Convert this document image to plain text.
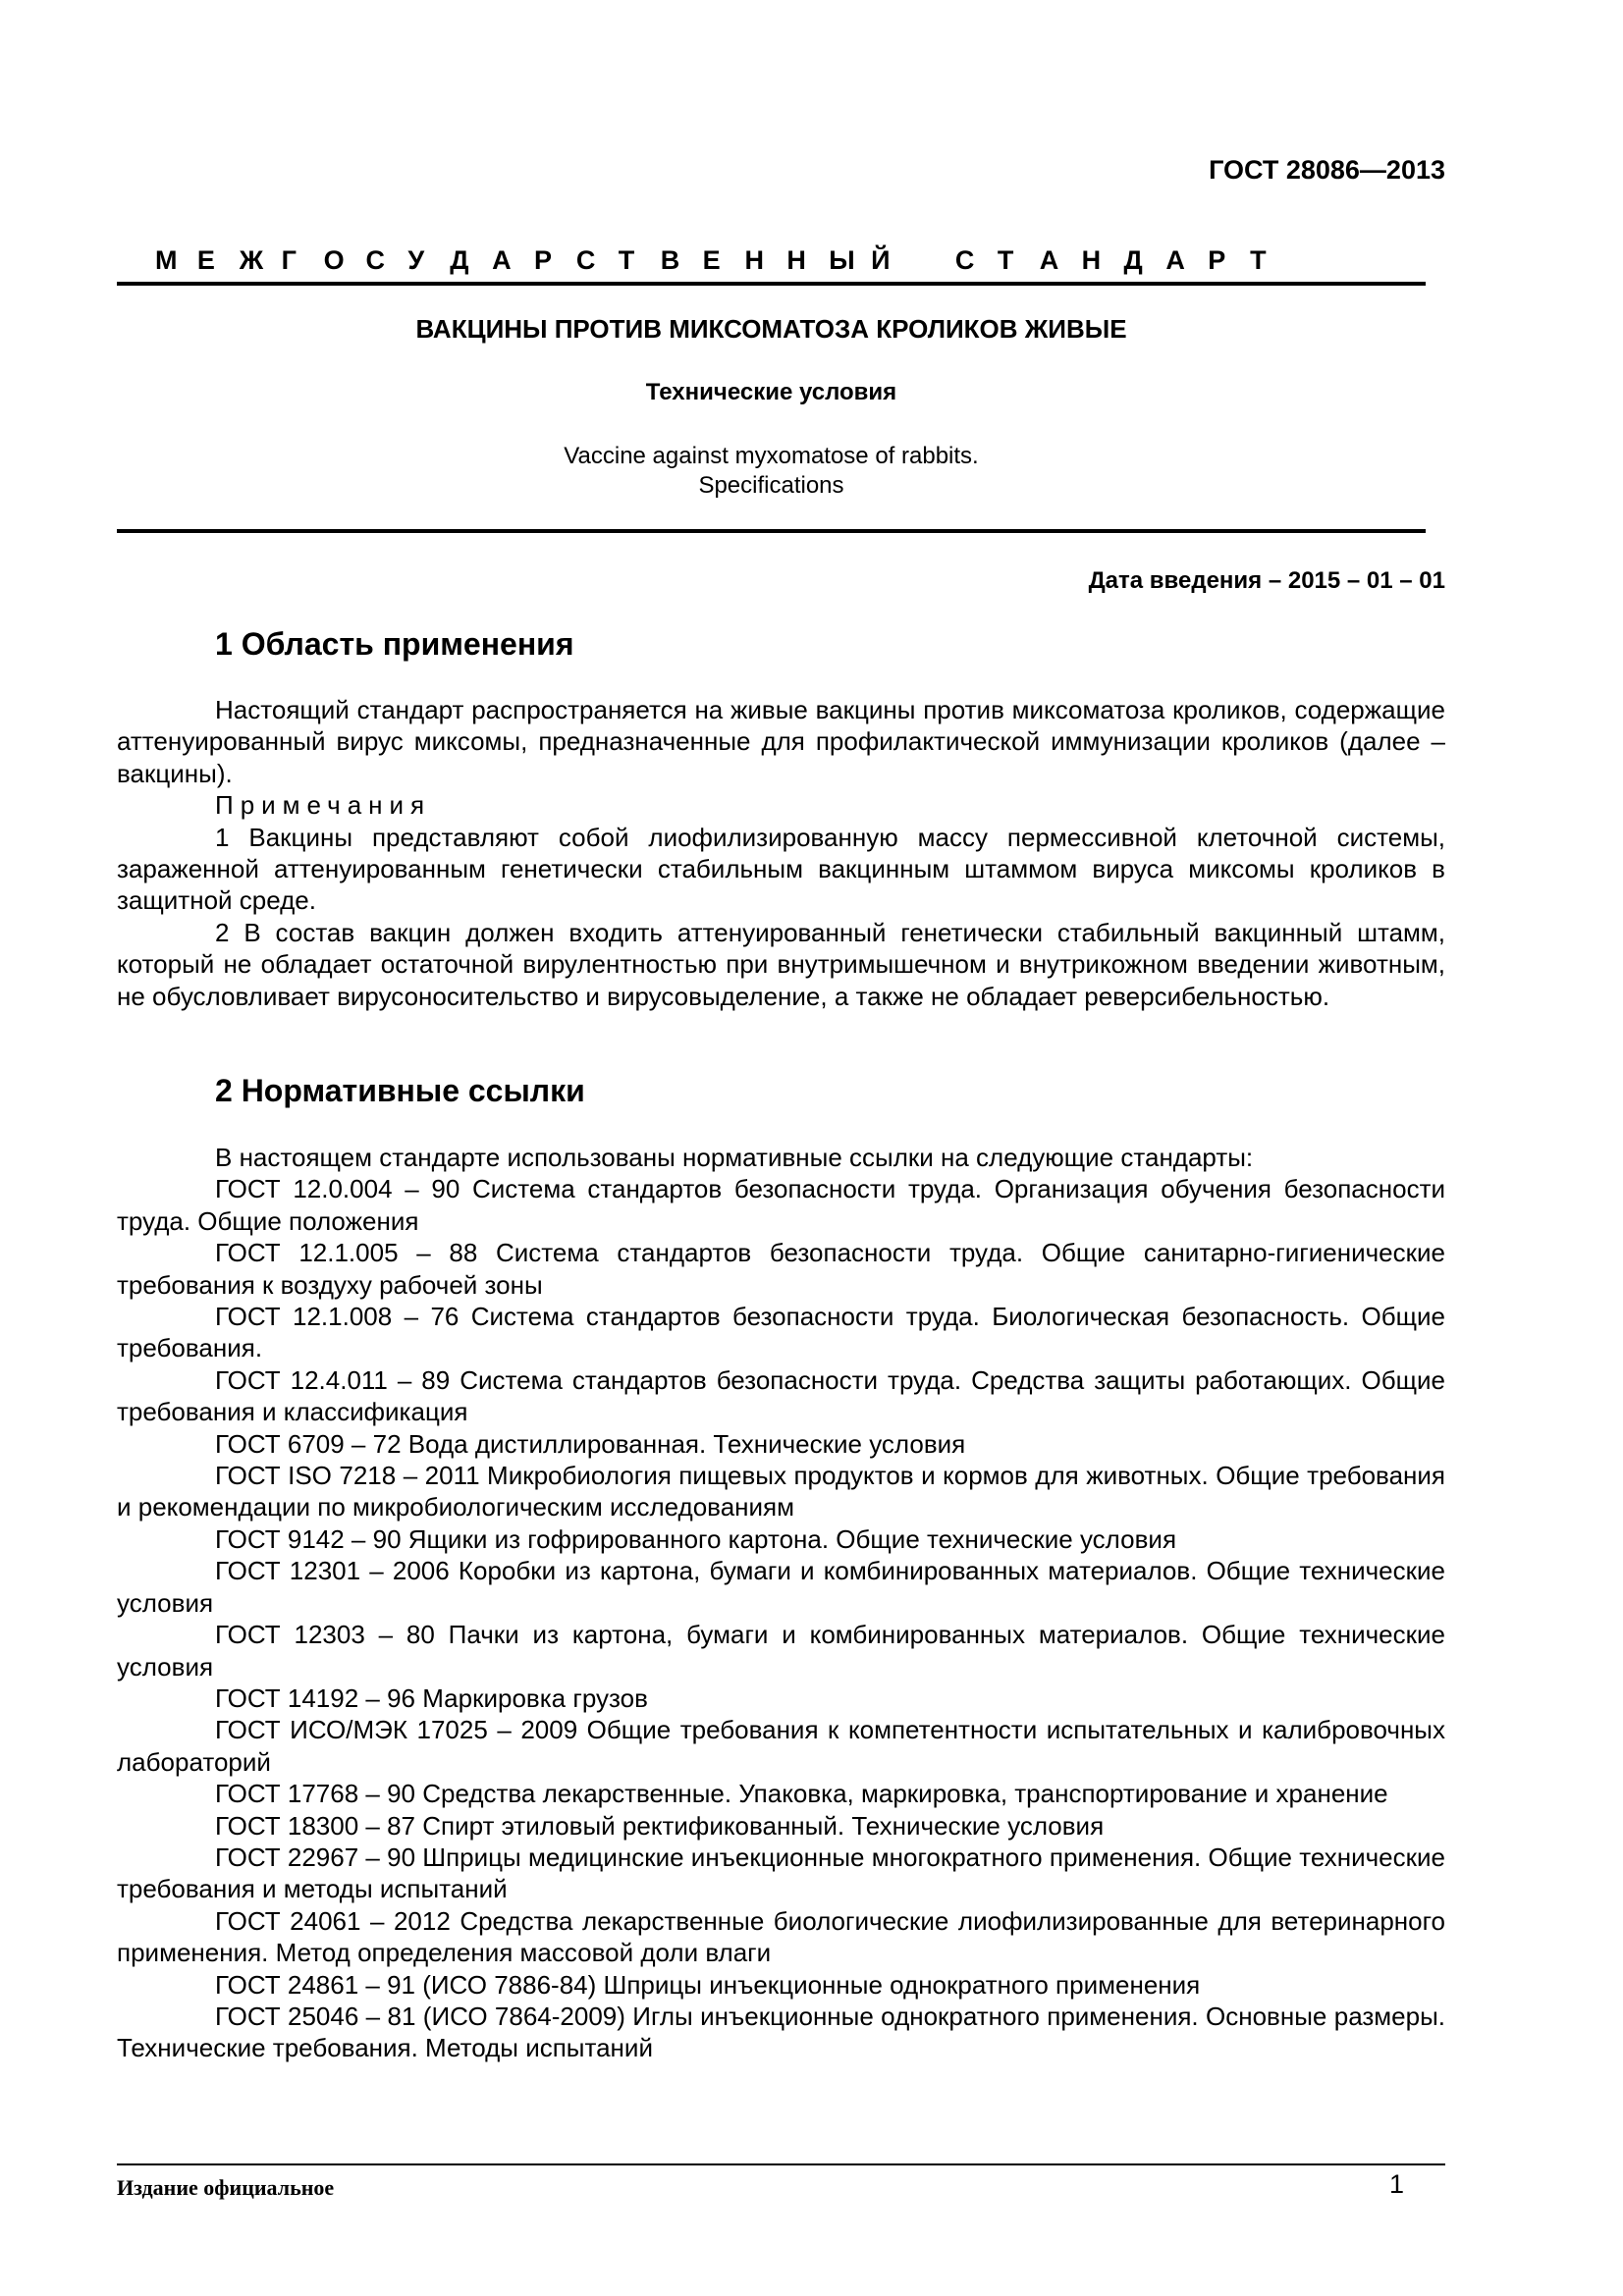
ГОСТ 28086—2013
М Е Ж Г О С У Д А Р С Т В Е Н Н Ы Й С Т А Н Д А Р Т
ВАКЦИНЫ ПРОТИВ МИКСОМАТОЗА КРОЛИКОВ ЖИВЫЕ
Технические условия
Vaccine against myxomatose of rabbits.
Specifications
Дата введения – 2015 – 01 – 01
1 Область применения

Настоящий стандарт распространяется на живые вакцины против миксоматоза кроликов, содержащие аттенуированный вирус миксомы, предназначенные для профилактической иммунизации кроликов (далее – вакцины).

Примечания

1 Вакцины представляют собой лиофилизированную массу пермессивной клеточной системы, зараженной аттенуированным генетически стабильным вакцинным штаммом вируса миксомы кроликов в защитной среде.

2 В состав вакцин должен входить аттенуированный генетически стабильный вакцинный штамм, который не обладает остаточной вирулентностью при внутримышечном и внутрикожном введении животным, не обусловливает вирусоносительство и вирусовыделение, а также не обладает реверсибельностью.

2 Нормативные ссылки

В настоящем стандарте использованы нормативные ссылки на следующие стандарты:

ГОСТ 12.0.004 – 90 Система стандартов безопасности труда. Организация обучения безопасности труда. Общие положения

ГОСТ 12.1.005 – 88 Система стандартов безопасности труда. Общие санитарно-гигиенические требования к воздуху рабочей зоны

ГОСТ 12.1.008 – 76 Система стандартов безопасности труда. Биологическая безопасность. Общие требования.

ГОСТ 12.4.011 – 89 Система стандартов безопасности труда. Средства защиты работающих. Общие требования и классификация

ГОСТ 6709 – 72 Вода дистиллированная. Технические условия

ГОСТ ISO 7218 – 2011 Микробиология пищевых продуктов и кормов для животных. Общие требования и рекомендации по микробиологическим исследованиям

ГОСТ 9142 – 90 Ящики из гофрированного картона. Общие технические условия

ГОСТ 12301 – 2006 Коробки из картона, бумаги и комбинированных материалов. Общие технические условия

ГОСТ 12303 – 80 Пачки из картона, бумаги и комбинированных материалов. Общие технические условия

ГОСТ 14192 – 96 Маркировка грузов

ГОСТ ИСО/МЭК 17025 – 2009 Общие требования к компетентности испытательных и калибровочных лабораторий

ГОСТ 17768 – 90 Средства лекарственные. Упаковка, маркировка, транспортирование и хранение

ГОСТ 18300 – 87 Спирт этиловый ректификованный. Технические условия

ГОСТ 22967 – 90 Шприцы медицинские инъекционные многократного применения. Общие технические требования и методы испытаний

ГОСТ 24061 – 2012 Средства лекарственные биологические лиофилизированные для ветеринарного применения. Метод определения массовой доли влаги

ГОСТ 24861 – 91 (ИСО 7886-84) Шприцы инъекционные однократного применения

ГОСТ 25046 – 81 (ИСО 7864-2009) Иглы инъекционные однократного применения. Основные размеры. Технические требования. Методы испытаний

Издание официальное	1
